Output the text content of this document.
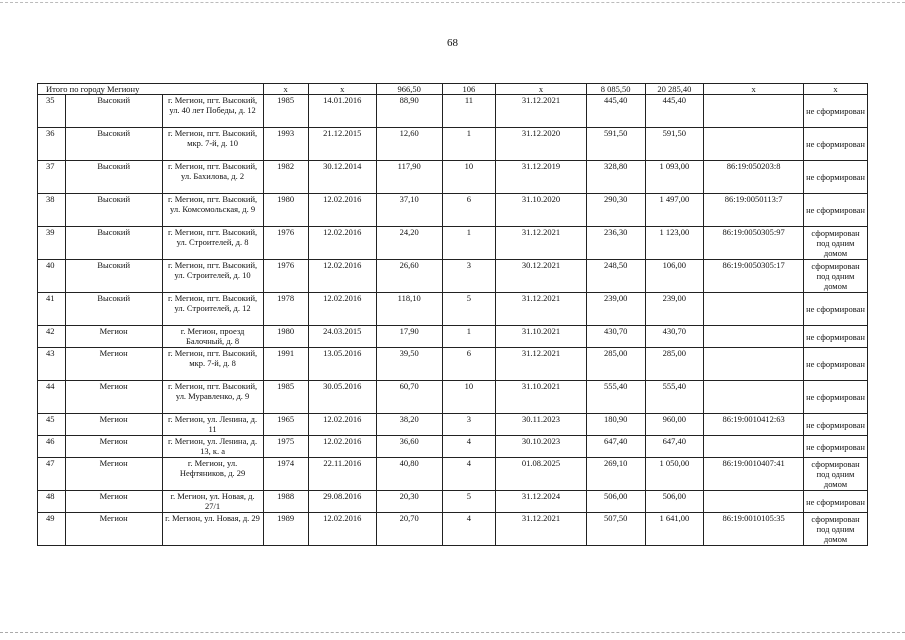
68
Итого по городу Мегиону			х	х	966,50	106	х	8 085,50	20 285,40	х	х
35	Высокий	г. Мегион, пгт. Высокий, ул. 40 лет Победы, д. 12	1985	14.01.2016	88,90	11	31.12.2021	445,40	445,40		не сформирован
36	Высокий	г. Мегион, пгт. Высокий, мкр. 7-й, д. 10	1993	21.12.2015	12,60	1	31.12.2020	591,50	591,50		не сформирован
37	Высокий	г. Мегион, пгт. Высокий, ул. Бахилова, д. 2	1982	30.12.2014	117,90	10	31.12.2019	328,80	1 093,00	86:19:050203:8	не сформирован
38	Высокий	г. Мегион, пгт. Высокий, ул. Комсомольская, д. 9	1980	12.02.2016	37,10	6	31.10.2020	290,30	1 497,00	86:19:0050113:7	не сформирован
39	Высокий	г. Мегион, пгт. Высокий, ул. Строителей, д. 8	1976	12.02.2016	24,20	1	31.12.2021	236,30	1 123,00	86:19:0050305:97	сформирован под одним домом
40	Высокий	г. Мегион, пгт. Высокий, ул. Строителей, д. 10	1976	12.02.2016	26,60	3	30.12.2021	248,50	106,00	86:19:0050305:17	сформирован под одним домом
41	Высокий	г. Мегион, пгт. Высокий, ул. Строителей, д. 12	1978	12.02.2016	118,10	5	31.12.2021	239,00	239,00		не сформирован
42	Мегион	г. Мегион, проезд Балочный, д. 8	1980	24.03.2015	17,90	1	31.10.2021	430,70	430,70		не сформирован
43	Мегион	г. Мегион, пгт. Высокий, мкр. 7-й, д. 8	1991	13.05.2016	39,50	6	31.12.2021	285,00	285,00		не сформирован
44	Мегион	г. Мегион, пгт. Высокий, ул. Муравленко, д. 9	1985	30.05.2016	60,70	10	31.10.2021	555,40	555,40		не сформирован
45	Мегион	г. Мегион, ул. Ленина, д. 11	1965	12.02.2016	38,20	3	30.11.2023	180,90	960,00	86:19:0010412:63	не сформирован
46	Мегион	г. Мегион, ул. Ленина, д. 13, к. а	1975	12.02.2016	36,60	4	30.10.2023	647,40	647,40		не сформирован
47	Мегион	г. Мегион, ул. Нефтяников, д. 29	1974	22.11.2016	40,80	4	01.08.2025	269,10	1 050,00	86:19:0010407:41	сформирован под одним домом
48	Мегион	г. Мегион, ул. Новая, д. 27/1	1988	29.08.2016	20,30	5	31.12.2024	506,00	506,00		не сформирован
49	Мегион	г. Мегион, ул. Новая, д. 29	1989	12.02.2016	20,70	4	31.12.2021	507,50	1 641,00	86:19:0010105:35	сформирован под одним домом
